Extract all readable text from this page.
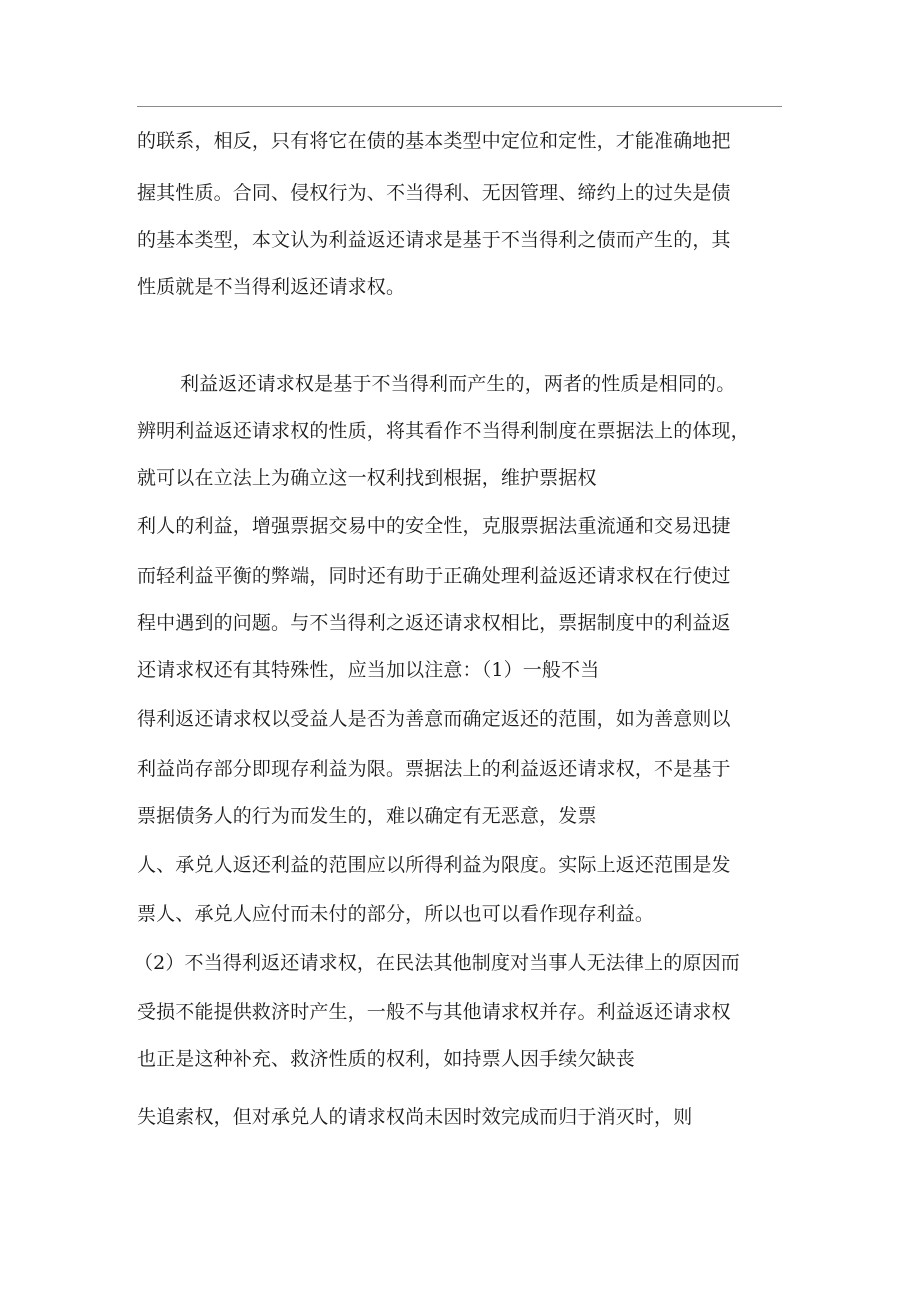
的联系，相反，只有将它在债的基本类型中定位和定性，才能准确地把

握其性质。合同、侵权行为、不当得利、无因管理、缔约上的过失是债

的基本类型，本文认为利益返还请求是基于不当得利之债而产生的，其

性质就是不当得利返还请求权。

利益返还请求权是基于不当得利而产生的，两者的性质是相同的。

辨明利益返还请求权的性质，将其看作不当得利制度在票据法上的体现，

就可以在立法上为确立这一权利找到根据，维护票据权

利人的利益，增强票据交易中的安全性，克服票据法重流通和交易迅捷

而轻利益平衡的弊端，同时还有助于正确处理利益返还请求权在行使过

程中遇到的问题。与不当得利之返还请求权相比，票据制度中的利益返

还请求权还有其特殊性，应当加以注意：（1）一般不当

得利返还请求权以受益人是否为善意而确定返还的范围，如为善意则以

利益尚存部分即现存利益为限。票据法上的利益返还请求权，不是基于

票据债务人的行为而发生的，难以确定有无恶意，发票

人、承兑人返还利益的范围应以所得利益为限度。实际上返还范围是发

票人、承兑人应付而未付的部分，所以也可以看作现存利益。

（2）不当得利返还请求权，在民法其他制度对当事人无法律上的原因而

受损不能提供救济时产生，一般不与其他请求权并存。利益返还请求权

也正是这种补充、救济性质的权利，如持票人因手续欠缺丧

失追索权，但对承兑人的请求权尚未因时效完成而归于消灭时，则
